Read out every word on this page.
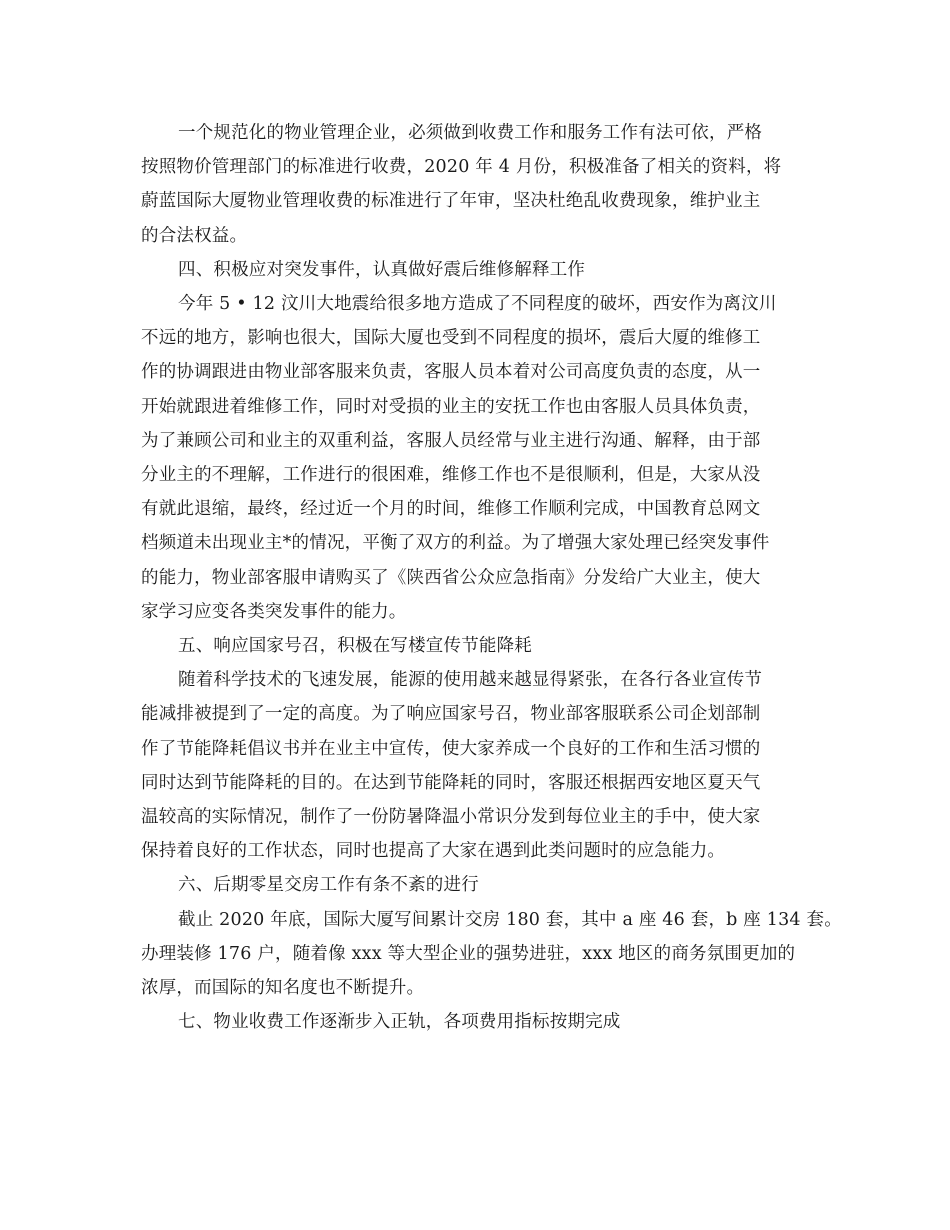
一个规范化的物业管理企业，必须做到收费工作和服务工作有法可依，严格
按照物价管理部门的标准进行收费，2020 年 4 月份，积极准备了相关的资料，将
蔚蓝国际大厦物业管理收费的标准进行了年审，坚决杜绝乱收费现象，维护业主
的合法权益。

四、积极应对突发事件，认真做好震后维修解释工作

今年 5 • 12 汶川大地震给很多地方造成了不同程度的破坏，西安作为离汶川
不远的地方，影响也很大，国际大厦也受到不同程度的损坏，震后大厦的维修工
作的协调跟进由物业部客服来负责，客服人员本着对公司高度负责的态度，从一
开始就跟进着维修工作，同时对受损的业主的安抚工作也由客服人员具体负责，
为了兼顾公司和业主的双重利益，客服人员经常与业主进行沟通、解释，由于部
分业主的不理解，工作进行的很困难，维修工作也不是很顺利，但是，大家从没
有就此退缩，最终，经过近一个月的时间，维修工作顺利完成，中国教育总网文
档频道未出现业主*的情况，平衡了双方的利益。为了增强大家处理已经突发事件
的能力，物业部客服申请购买了《陕西省公众应急指南》分发给广大业主，使大
家学习应变各类突发事件的能力。

五、响应国家号召，积极在写楼宣传节能降耗

随着科学技术的飞速发展，能源的使用越来越显得紧张，在各行各业宣传节
能减排被提到了一定的高度。为了响应国家号召，物业部客服联系公司企划部制
作了节能降耗倡议书并在业主中宣传，使大家养成一个良好的工作和生活习惯的
同时达到节能降耗的目的。在达到节能降耗的同时，客服还根据西安地区夏天气
温较高的实际情况，制作了一份防暑降温小常识分发到每位业主的手中，使大家
保持着良好的工作状态，同时也提高了大家在遇到此类问题时的应急能力。

六、后期零星交房工作有条不紊的进行

截止 2020 年底，国际大厦写间累计交房 180 套，其中 a 座 46 套，b 座 134 套。
办理装修 176 户，随着像 xxx 等大型企业的强势进驻，xxx 地区的商务氛围更加的
浓厚，而国际的知名度也不断提升。

七、物业收费工作逐渐步入正轨，各项费用指标按期完成
